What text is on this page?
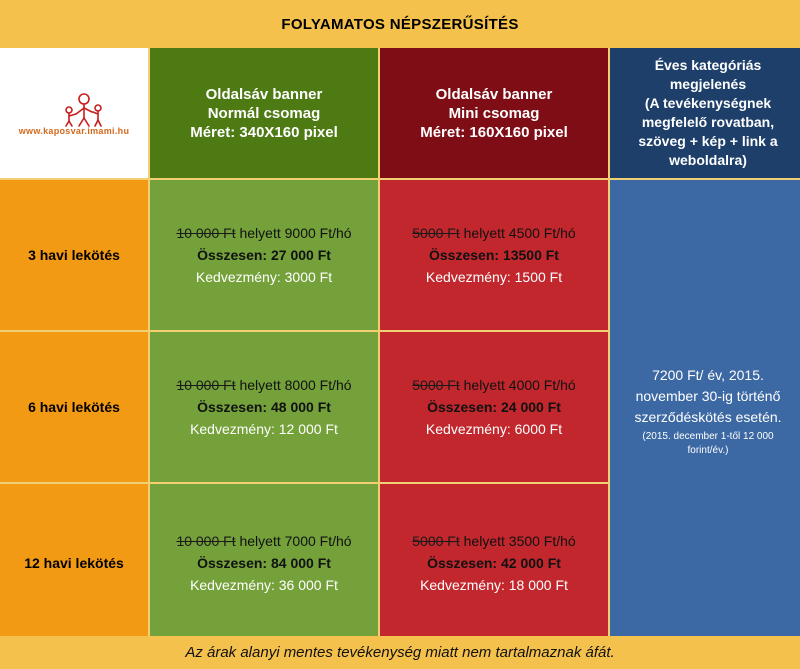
FOLYAMATOS NÉPSZERŰSÍTÉS
www.kaposvar.imami.hu
Oldalsáv banner
Normál csomag
Méret: 340X160 pixel
Oldalsáv banner
Mini csomag
Méret: 160X160 pixel
Éves kategóriás
megjelenés
(A tevékenységnek
megfelelő rovatban,
szöveg + kép + link a
weboldalra)
3 havi lekötés
10 000 Ft helyett 9000 Ft/hó
Összesen: 27 000 Ft
Kedvezmény: 3000 Ft
5000 Ft helyett 4500 Ft/hó
Összesen: 13500 Ft
Kedvezmény: 1500 Ft
7200 Ft/ év, 2015.
november 30-ig történő
szerződéskötés esetén.
(2015. december 1-től 12 000
forint/év.)
6 havi lekötés
10 000 Ft helyett 8000 Ft/hó
Összesen: 48 000 Ft
Kedvezmény: 12 000 Ft
5000 Ft helyett 4000 Ft/hó
Összesen: 24 000 Ft
Kedvezmény: 6000 Ft
12 havi lekötés
10 000 Ft helyett 7000 Ft/hó
Összesen: 84 000 Ft
Kedvezmény: 36 000 Ft
5000 Ft helyett 3500 Ft/hó
Összesen: 42 000 Ft
Kedvezmény: 18 000 Ft
Az árak alanyi mentes tevékenység miatt nem tartalmaznak áfát.
